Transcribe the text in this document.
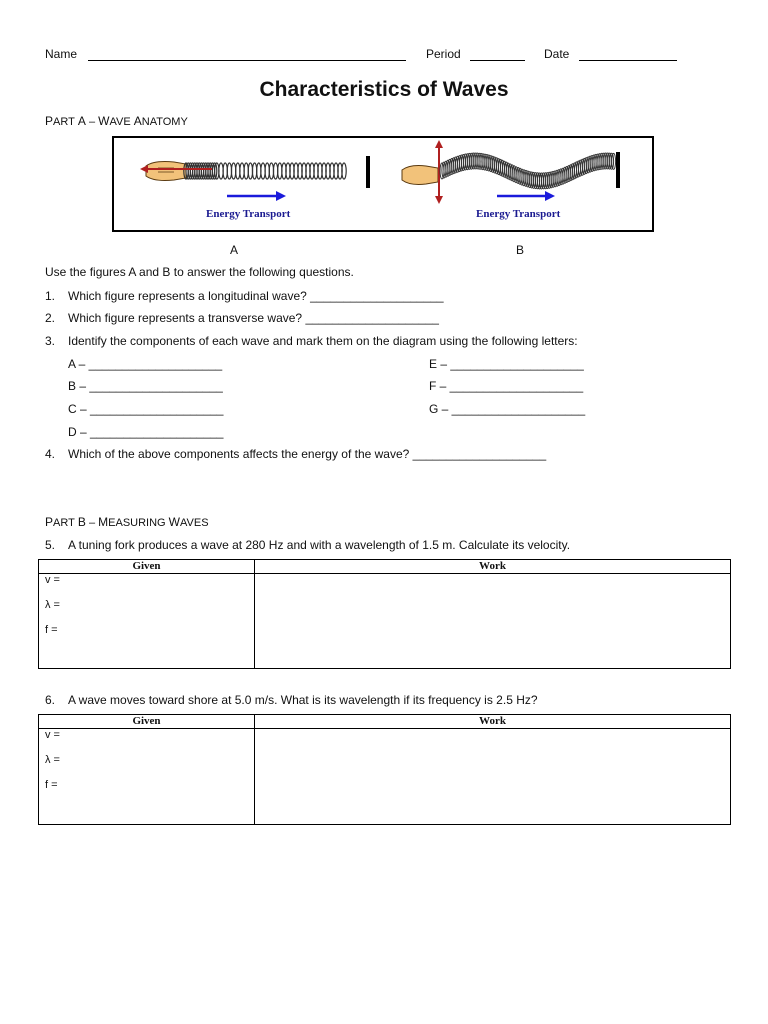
Name	Period	Date
Characteristics of Waves
PART A – WAVE ANATOMY
Energy Transport	Energy Transport
A	B
Use the figures A and B to answer the following questions.
1. Which figure represents a longitudinal wave? ____________________
2. Which figure represents a transverse wave? ____________________
3. Identify the components of each wave and mark them on the diagram using the following letters:
A – ____________________
B – ____________________
C – ____________________
D – ____________________
E – ____________________
F – ____________________
G – ____________________
4. Which of the above components affects the energy of the wave? ____________________
PART B – MEASURING WAVES
5. A tuning fork produces a wave at 280 Hz and with a wavelength of 1.5 m. Calculate its velocity.
Given	Work

v =
λ =
f =	

6. A wave moves toward shore at 5.0 m/s. What is its wavelength if its frequency is 2.5 Hz?
Given	Work

v =
λ =
f =	
